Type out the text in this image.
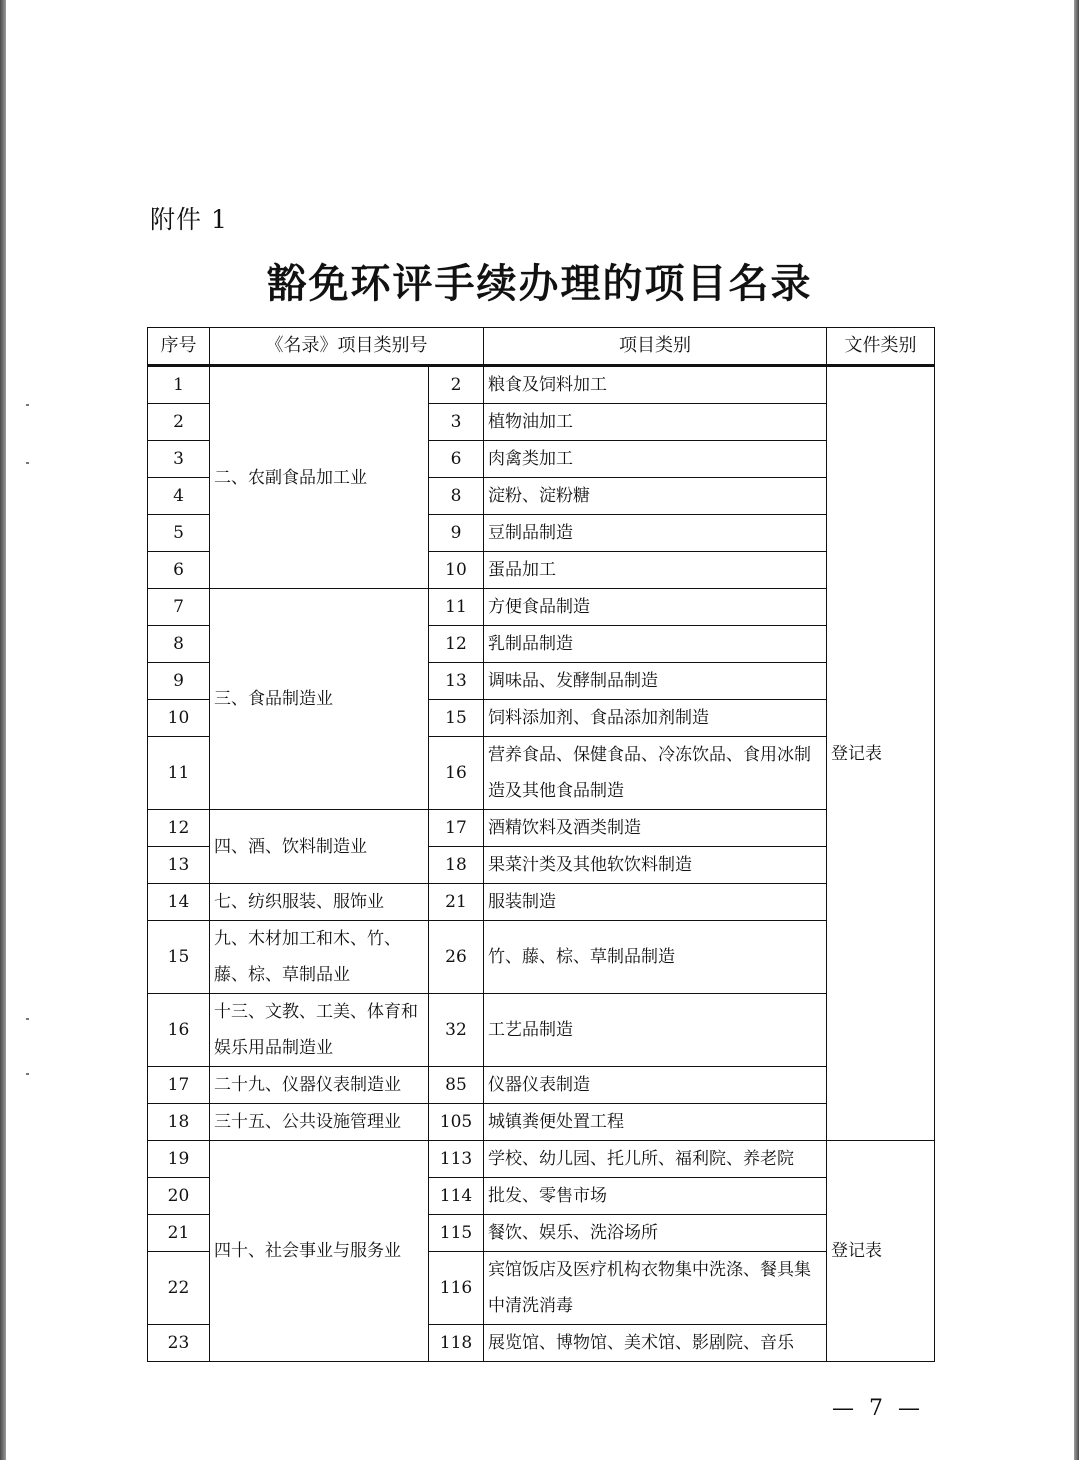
附件 1
豁免环评手续办理的项目名录
序号	《名录》项目类别号		项目类别	文件类别
1	二、农副食品加工业	2	粮食及饲料加工	登记表
2		3	植物油加工	
3		6	肉禽类加工	
4		8	淀粉、淀粉糖	
5		9	豆制品制造	
6		10	蛋品加工	
7	三、食品制造业	11	方便食品制造	
8		12	乳制品制造	
9		13	调味品、发酵制品制造	
10		15	饲料添加剂、食品添加剂制造	
11		16	营养食品、保健食品、冷冻饮品、食用冰制造及其他食品制造	
12	四、酒、饮料制造业	17	酒精饮料及酒类制造	
13		18	果菜汁类及其他软饮料制造	
14	七、纺织服装、服饰业	21	服装制造	
15	九、木材加工和木、竹、藤、棕、草制品业	26	竹、藤、棕、草制品制造	
16	十三、文教、工美、体育和娱乐用品制造业	32	工艺品制造	
17	二十九、仪器仪表制造业	85	仪器仪表制造	
18	三十五、公共设施管理业	105	城镇粪便处置工程	
19	四十、社会事业与服务业	113	学校、幼儿园、托儿所、福利院、养老院	登记表
20		114	批发、零售市场	
21		115	餐饮、娱乐、洗浴场所	
22		116	宾馆饭店及医疗机构衣物集中洗涤、餐具集中清洗消毒	
23		118	展览馆、博物馆、美术馆、影剧院、音乐	
— 7 —
